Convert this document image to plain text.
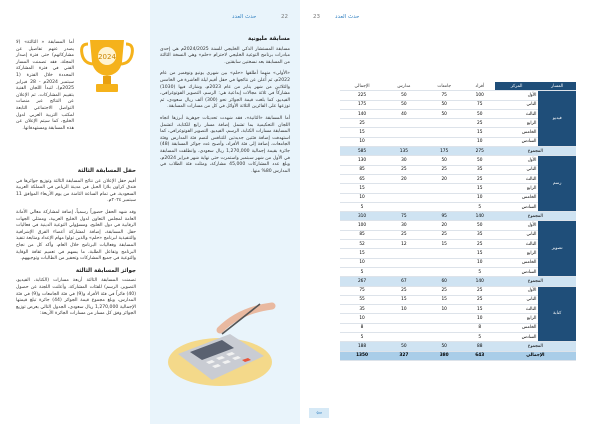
حدث العدد	22	23	حدث العدد
2024

أما المسابقة « الثالثة» (لا يصدر عنهم تفاصيل عن مشاركاتهم) حتى فترة إصدار المجلة، فقد تضمنت المسار الفني في فترة المشاركة المحددة خلال الفترة (1 سبتمبر 2024م - 28 فبراير 2025م)، لتبدأ اللجان الفنية بتقييم المشاركات، ثم الإعلان عن النتائج عبر منصات التواصل الاجتماعي التابعة لمكتب التربية العربي لدول الخليج، كما سيتم الإعلان عن هذه المسابقة ومستهدفاتها.

حفل المسابقة الثالثة

أقيم حفل الإعلان عن نتائج المسابقة الثالثة وتوزيع جوائزها في فندق كراون بلازا الحبل في مدينة الرياض في المملكة العربية السعودية، في تمام الساعة الثامنة من يوم الأربعاء الموافق 11 سبتمبر ٢٠٢٤م.

وقد شهد الحفل حضوراً رسمياً، إضافة لمشاركة معالي الأمانة العامة لمجلس التعاون لدول الخليج العربية، وممثلي الجهات الرقابية في دول الخليج، ومسؤولي التوعية الدينية في فعاليات حفل المسابقة، إضافة لمشاركة أعضاء الفرق الإشرافية والتنفيذية لبرنامج «حلم» والذين تولوا مهام الإعداد ومتابعة تنفيذ المسابقة وفعاليات البرنامج خلال العام، وأكد كل من نجاح البرنامج وتفاعل الطلبة، ما يسهم في تعميم ثقافة الوقاية والتوعية في جميع المشاركات وتحفيز من الطالبات وتوجيههم.

جوائز المسابقة الثالثة

تضمنت المسابقة الثالثة أربعة مسارات (الكتابة، الفيديو، التصوير، الرسم) للفئات المشاركة، وأعلنت اللجنة عن حصول (40) فائزاً في فئة الأفراد و(9) في فئة الجامعات و(9) في فئة المدارس، وبلغ مجموع قيمة الجوائز (44) جائزة تبلغ قيمتها الإجمالية 1,270,000 ريال سعودي، الجدول التالي يعرض توزيع الجوائز وفق كل مسار من مسارات الجائزة الأربعة:

مسابقة مليونية

مسابقة المستشار الذكي الخليجي للسنة 2024/2025م هي إحدى مبادرات برنامج التوعية الخليجي لاحترام «حلم» وهي النسخة الثالثة من المسابقة بعد نسختين سابقتين.

«الأولى» منهما أطلقها «حلم» بين شهري يونيو ونوفمبر من عام 2022م، ثم أُعلن عن نتائجها في حفل أقيم ليلة العاشرة في الخامس والثلاثين من شهر يناير من عام 2023م، وشارك فيها (1030) مشاركاً في ثلاثة مجالات إبداعية هي: الرسم، التصوير الفوتوغرافي، الفيديو، كما بلغت قيمة الجوائز نحو (300) ألف ريال سعودي، ثم توزعها على الفائزين الثلاثة الأوائل في كل من مسارات المسابقة.

أما المسابقة «الثانية»، فقد شهدت تحديثات جوهرية أبرزها اتجاه اللجان التحكيمية بما تشمل إضافة مسار رابع للكتابة، لتشمل المسابقة مسارات الكتابة، الرسم، الفيديو، التصوير الفوتوغرافي، كما استهدفت إضافة فئتين جديدتين للتنافس لتضم فئة المدارس وفئة الجامعات، إضافة إلى فئة الأفراد، وأصبح عدد جوائز المسابقة (48) جائزة بقيمة إجمالية 1,270,000 ريال سعودي، وانطلقت المسابقة في الأول من شهر سبتمبر واستمرت حتى نهاية شهر فبراير 2024م، وبلغ عدد المشاركات 45,000 مشاركة، ومثلت فئة الطلاب في المدارس 80% منها.

المسار	المركز	أفراد	جامعات	مدارس	الإجمالي
فيديو	الأول	100	75	50	225
	الثاني	75	50	50	175
	الثالث	50	50	40	140
	الرابع	25			25
	الخامس	15			15
	السادس	10			10
المجموع		275	175	135	585
رسم	الأول	50	50	30	130
	الثاني	35	25	25	85
	الثالث	25	20	20	65
	الرابع	15			15
	الخامس	10			10
	السادس	5			5
المجموع		140	95	75	310
تصوير	الأول	50	20	30	100
	الثاني	35	25	25	85
	الثالث	25	15	12	52
	الرابع	15			15
	الخامس	10			10
	السادس	5			5
المجموع		140	60	67	267
كتابة	الأول	25	25	25	75
	الثاني	25	15	15	55
	الثالث	15	10	10	35
	الرابع	10			10
	الخامس	8			8
	السادس	5			5
المجموع		88	50	50	188
الإجمالي		643	380	327	1350
⇦
